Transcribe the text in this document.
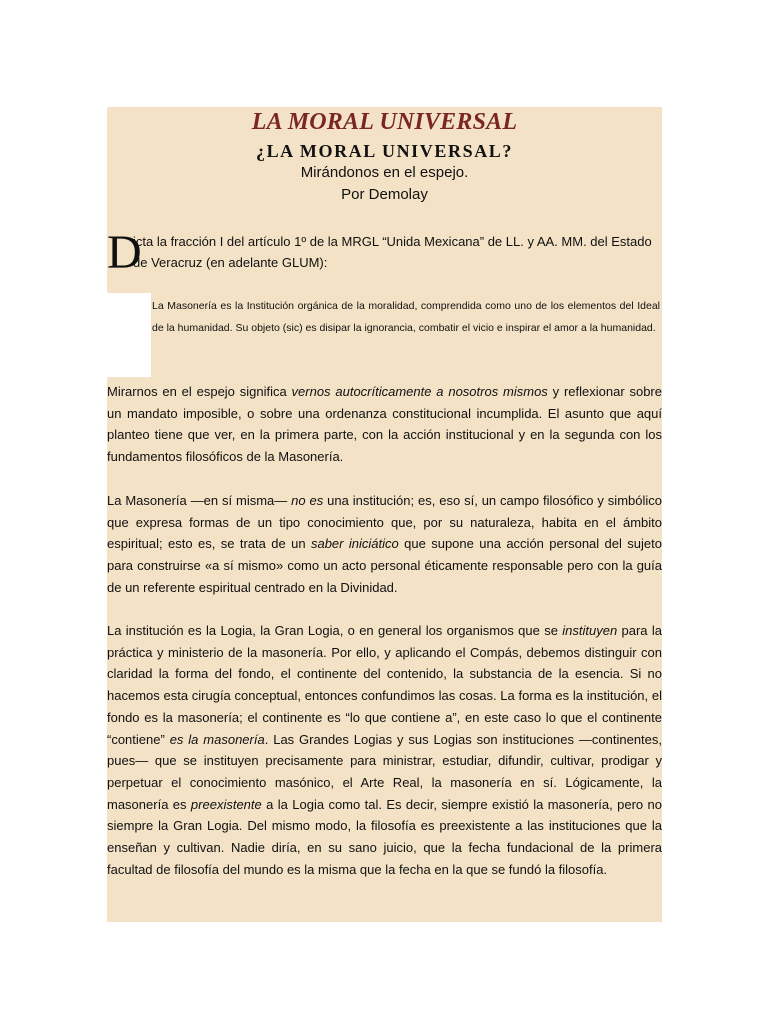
LA MORAL UNIVERSAL
¿LA MORAL UNIVERSAL?

Mirándonos en el espejo.

Por Demolay

D

icta la fracción I del artículo 1º de la MRGL “Unida Mexicana” de LL. y AA. MM. del Estado de Veracruz (en adelante GLUM):

La Masonería es la Institución orgánica de la moralidad, comprendida como uno de los elementos del Ideal de la humanidad. Su objeto (sic) es disipar la ignorancia, combatir el vicio e inspirar el amor a la humanidad.

Mirarnos en el espejo significa vernos autocríticamente a nosotros mismos y reflexionar sobre un mandato imposible, o sobre una ordenanza constitucional incumplida. El asunto que aquí planteo tiene que ver, en la primera parte, con la acción institucional y en la segunda con los fundamentos filosóficos de la Masonería.

La Masonería —en sí misma— no es una institución; es, eso sí, un campo filosófico y simbólico que expresa formas de un tipo conocimiento que, por su naturaleza, habita en el ámbito espiritual; esto es, se trata de un saber iniciático que supone una acción personal del sujeto para construirse «a sí mismo» como un acto personal éticamente responsable pero con la guía de un referente espiritual centrado en la Divinidad.

La institución es la Logia, la Gran Logia, o en general los organismos que se instituyen para la práctica y ministerio de la masonería. Por ello, y aplicando el Compás, debemos distinguir con claridad la forma del fondo, el continente del contenido, la substancia de la esencia. Si no hacemos esta cirugía conceptual, entonces confundimos las cosas. La forma es la institución, el fondo es la masonería; el continente es “lo que contiene a”, en este caso lo que el continente “contiene” es la masonería. Las Grandes Logias y sus Logias son instituciones —continentes, pues— que se instituyen precisamente para ministrar, estudiar, difundir, cultivar, prodigar y perpetuar el conocimiento masónico, el Arte Real, la masonería en sí. Lógicamente, la masonería es preexistente a la Logia como tal. Es decir, siempre existió la masonería, pero no siempre la Gran Logia. Del mismo modo, la filosofía es preexistente a las instituciones que la enseñan y cultivan. Nadie diría, en su sano juicio, que la fecha fundacional de la primera facultad de filosofía del mundo es la misma que la fecha en la que se fundó la filosofía.
